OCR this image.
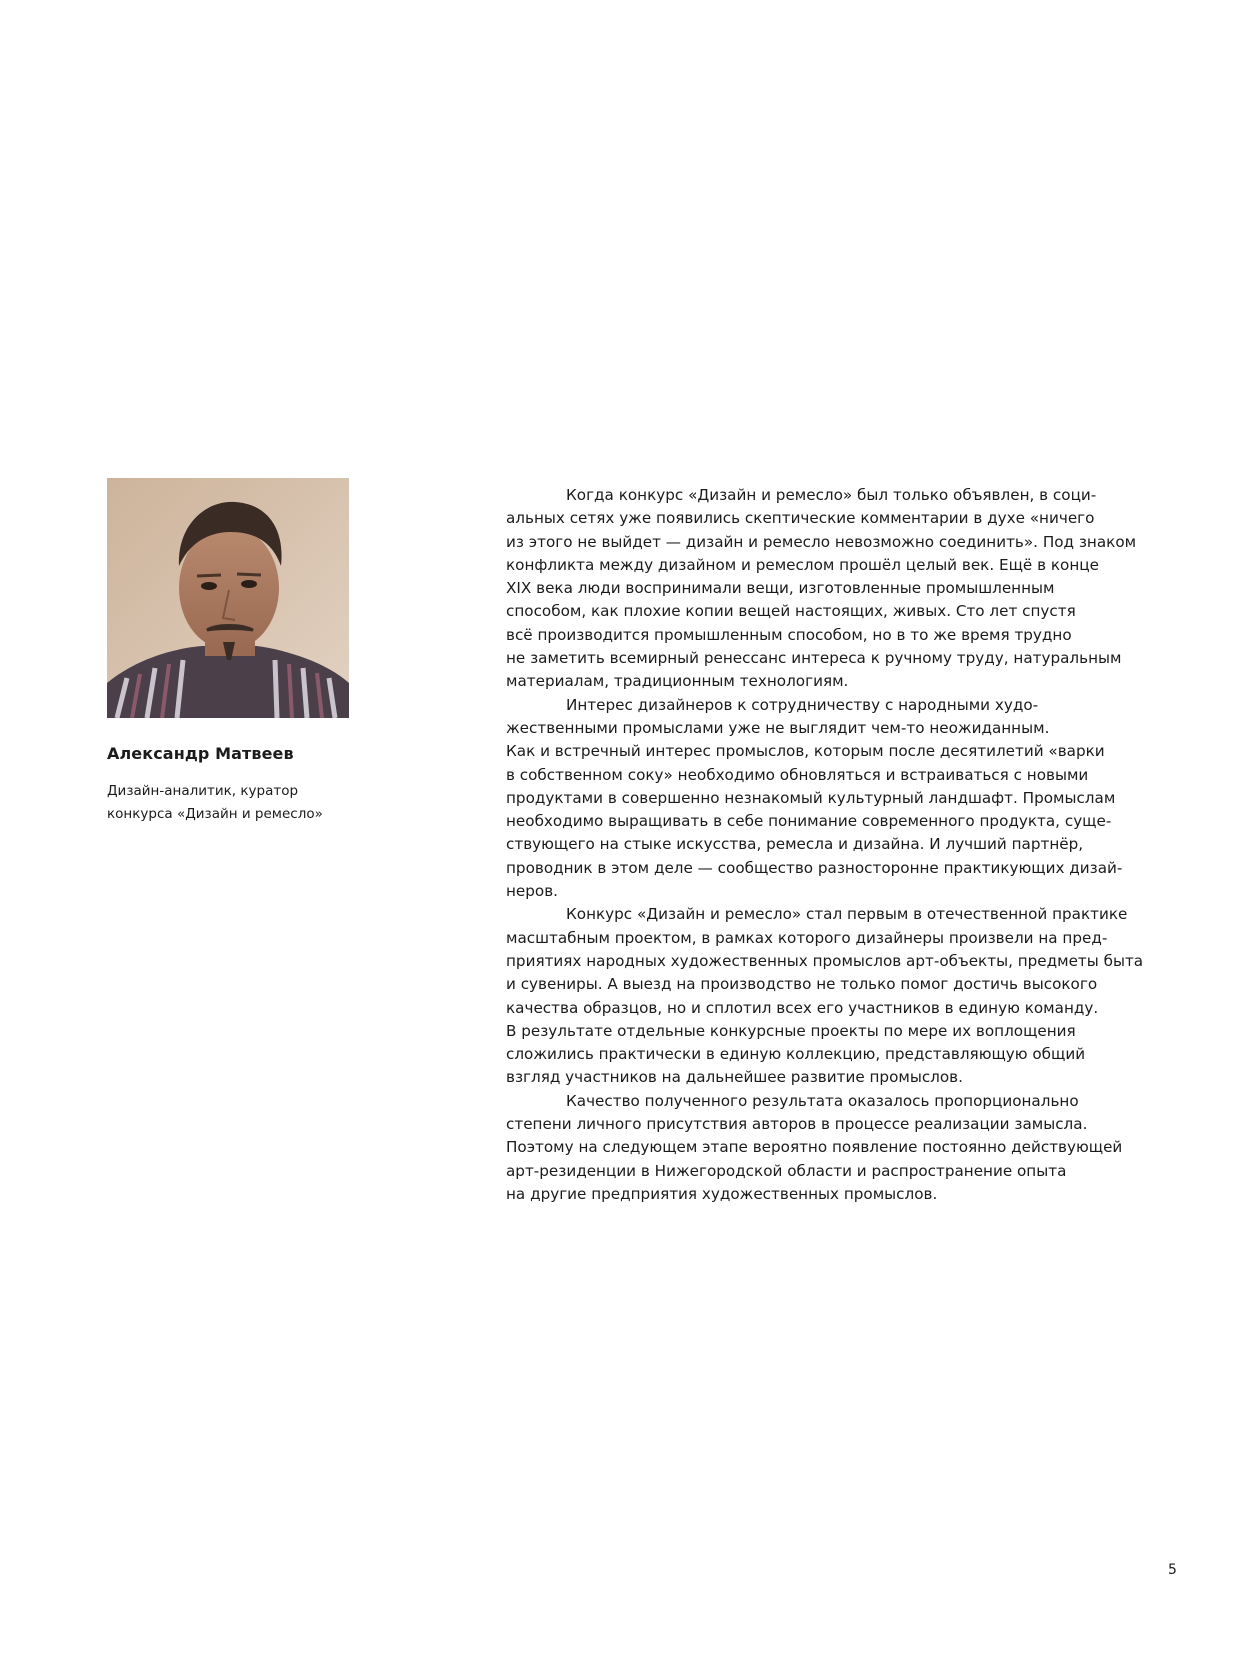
Александр Матвеев
Дизайн-аналитик, куратор
конкурса «Дизайн и ремесло»

Когда конкурс «Дизайн и ремесло» был только объявлен, в соци-
альных сетях уже появились скептические комментарии в духе «ничего
из этого не выйдет — дизайн и ремесло невозможно соединить». Под знаком
конфликта между дизайном и ремеслом прошёл целый век. Ещё в конце
XIX века люди воспринимали вещи, изготовленные промышленным
способом, как плохие копии вещей настоящих, живых. Сто лет спустя
всё производится промышленным способом, но в то же время трудно
не заметить всемирный ренессанс интереса к ручному труду, натуральным
материалам, традиционным технологиям.

Интерес дизайнеров к сотрудничеству с народными худо-
жественными промыслами уже не выглядит чем-то неожиданным.
Как и встречный интерес промыслов, которым после десятилетий «варки
в собственном соку» необходимо обновляться и встраиваться с новыми
продуктами в совершенно незнакомый культурный ландшафт. Промыслам
необходимо выращивать в себе понимание современного продукта, суще-
ствующего на стыке искусства, ремесла и дизайна. И лучший партнёр,
проводник в этом деле — сообщество разносторонне практикующих дизай-
неров.

Конкурс «Дизайн и ремесло» стал первым в отечественной практике
масштабным проектом, в рамках которого дизайнеры произвели на пред-
приятиях народных художественных промыслов арт-объекты, предметы быта
и сувениры. А выезд на производство не только помог достичь высокого
качества образцов, но и сплотил всех его участников в единую команду.
В результате отдельные конкурсные проекты по мере их воплощения
сложились практически в единую коллекцию, представляющую общий
взгляд участников на дальнейшее развитие промыслов.

Качество полученного результата оказалось пропорционально
степени личного присутствия авторов в процессе реализации замысла.
Поэтому на следующем этапе вероятно появление постоянно действующей
арт-резиденции в Нижегородской области и распространение опыта
на другие предприятия художественных промыслов.

5
